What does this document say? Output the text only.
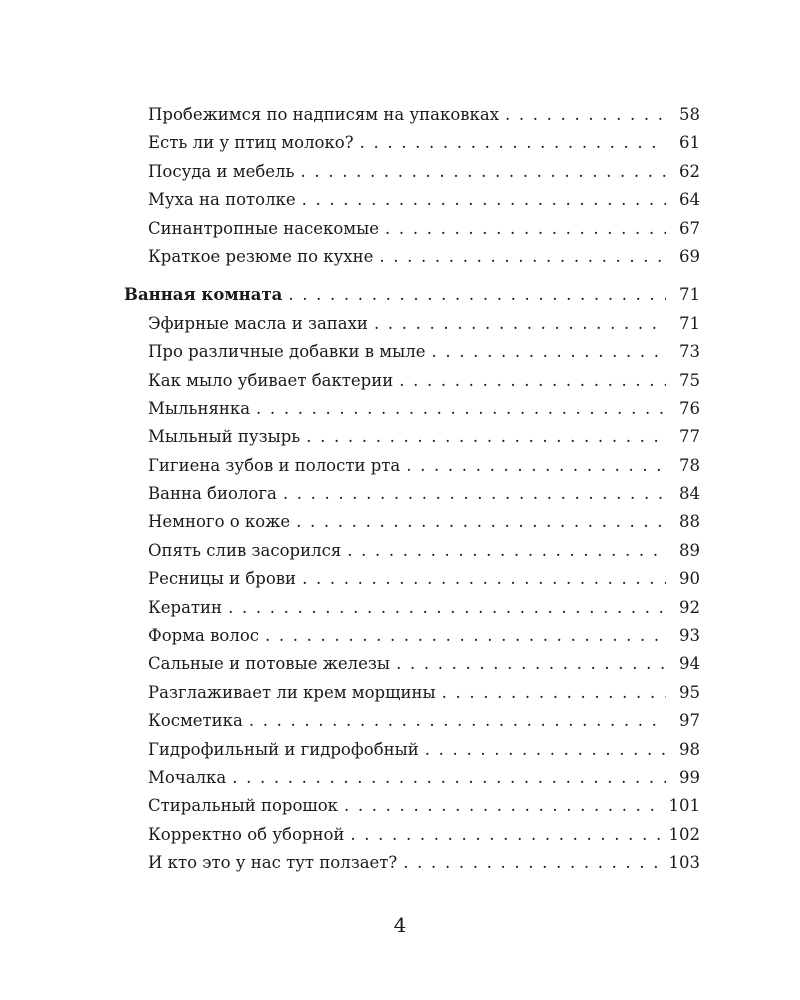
Пробежимся по надписям на упаковках . . .	58
Есть ли у птиц молоко? . . .	61
Посуда и мебель . . .	62
Муха на потолке . . .	64
Синантропные насекомые . . .	67
Краткое резюме по кухне . . .	69
Ванная комната . . .	71
Эфирные масла и запахи . . .	71
Про различные добавки в мыле . . .	73
Как мыло убивает бактерии . . .	75
Мыльнянка . . .	76
Мыльный пузырь . . .	77
Гигиена зубов и полости рта . . .	78
Ванна биолога . . .	84
Немного о коже . . .	88
Опять слив засорился . . .	89
Ресницы и брови . . .	90
Кератин . . .	92
Форма волос . . .	93
Сальные и потовые железы . . .	94
Разглаживает ли крем морщины . . .	95
Косметика . . .	97
Гидрофильный и гидрофобный . . .	98
Мочалка . . .	99
Стиральный порошок . . .	101
Корректно об уборной . . .	102
И кто это у нас тут ползает? . . .	103
4
